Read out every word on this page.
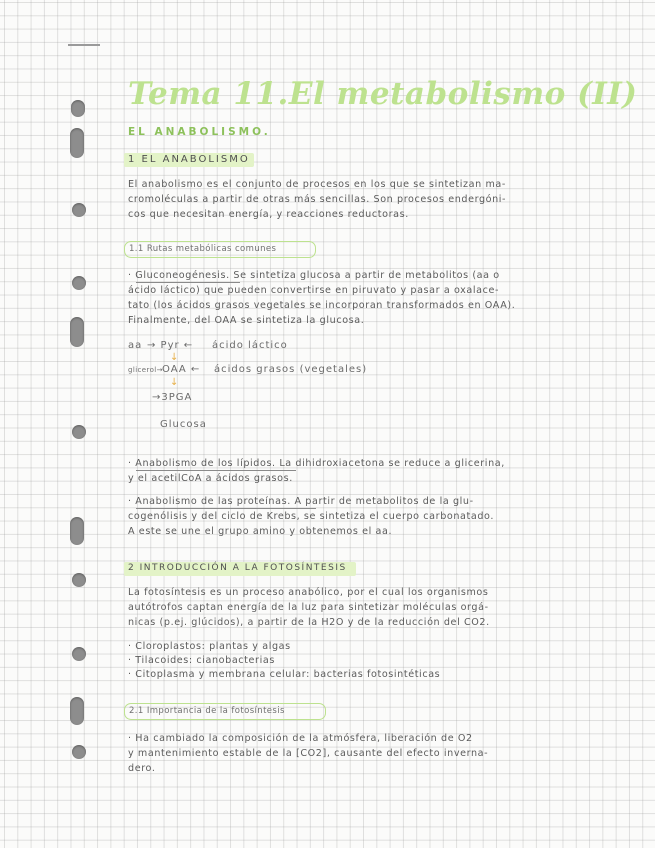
Tema 11.El metabolismo (II)
EL ANABOLISMO.
1 EL ANABOLISMO
El anabolismo es el conjunto de procesos en los que se sintetizan ma-
cromoléculas a partir de otras más sencillas. Son procesos endergóni-
cos que necesitan energía, y reacciones reductoras.
1.1 Rutas metabólicas comunes
· Gluconeogénesis. Se sintetiza glucosa a partir de metabolitos (aa o
ácido láctico) que pueden convertirse en piruvato y pasar a oxalace-
tato (los ácidos grasos vegetales se incorporan transformados en OAA).
Finalmente, del OAA se sintetiza la glucosa.
aa → Pyr ← ácido láctico
↓
glicerol→ OAA ← ácidos grasos (vegetales)
↓
→3PGA
Glucosa
· Anabolismo de los lípidos. La dihidroxiacetona se reduce a glicerina,
y el acetilCoA a ácidos grasos.
· Anabolismo de las proteínas. A partir de metabolitos de la glu-
cogenólisis y del ciclo de Krebs, se sintetiza el cuerpo carbonatado.
A este se une el grupo amino y obtenemos el aa.
2 INTRODUCCIÓN A LA FOTOSÍNTESIS
La fotosíntesis es un proceso anabólico, por el cual los organismos
autótrofos captan energía de la luz para sintetizar moléculas orgá-
nicas (p.ej. glúcidos), a partir de la H2O y de la reducción del CO2.
· Cloroplastos: plantas y algas
· Tilacoides: cianobacterias
· Citoplasma y membrana celular: bacterias fotosintéticas
2.1 Importancia de la fotosíntesis
· Ha cambiado la composición de la atmósfera, liberación de O2
y mantenimiento estable de la [CO2], causante del efecto inverna-
dero.
